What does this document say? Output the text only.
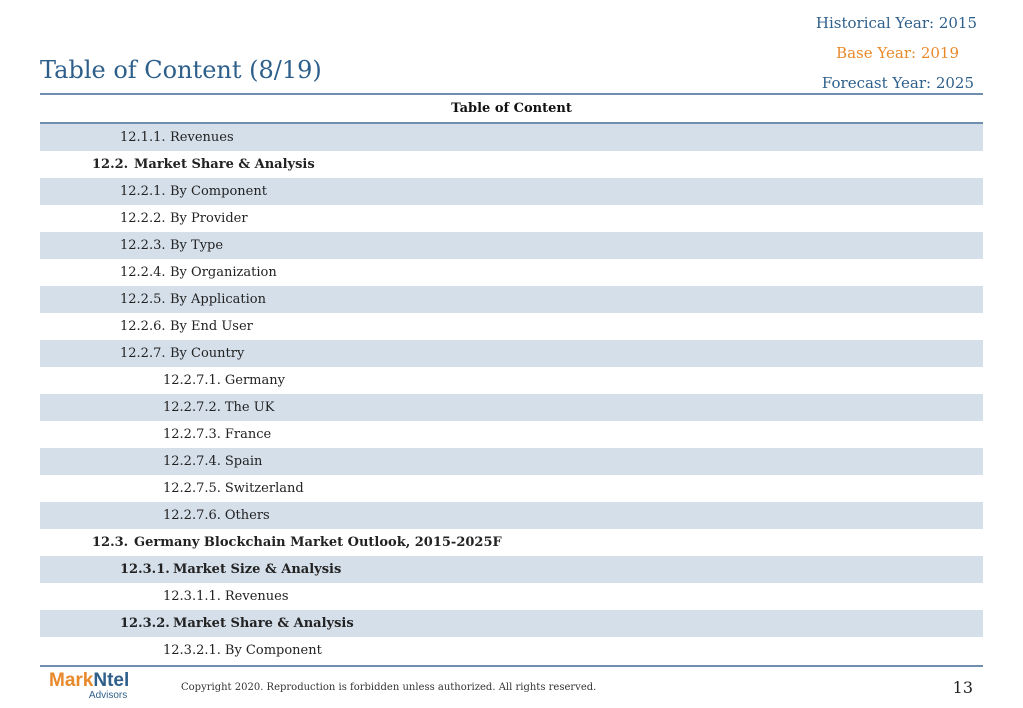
Historical Year: 2015
Base Year: 2019
Forecast Year: 2025
Table of Content (8/19)
Table of Content
12.1.1. Revenues
12.2. Market Share & Analysis
12.2.1. By Component
12.2.2. By Provider
12.2.3. By Type
12.2.4. By Organization
12.2.5. By Application
12.2.6. By End User
12.2.7. By Country
12.2.7.1. Germany
12.2.7.2. The UK
12.2.7.3. France
12.2.7.4. Spain
12.2.7.5. Switzerland
12.2.7.6. Others
12.3. Germany Blockchain Market Outlook, 2015-2025F
12.3.1. Market Size & Analysis
12.3.1.1. Revenues
12.3.2. Market Share & Analysis
12.3.2.1. By Component
MarkNtel
Advisors
Copyright 2020. Reproduction is forbidden unless authorized. All rights reserved.	13
